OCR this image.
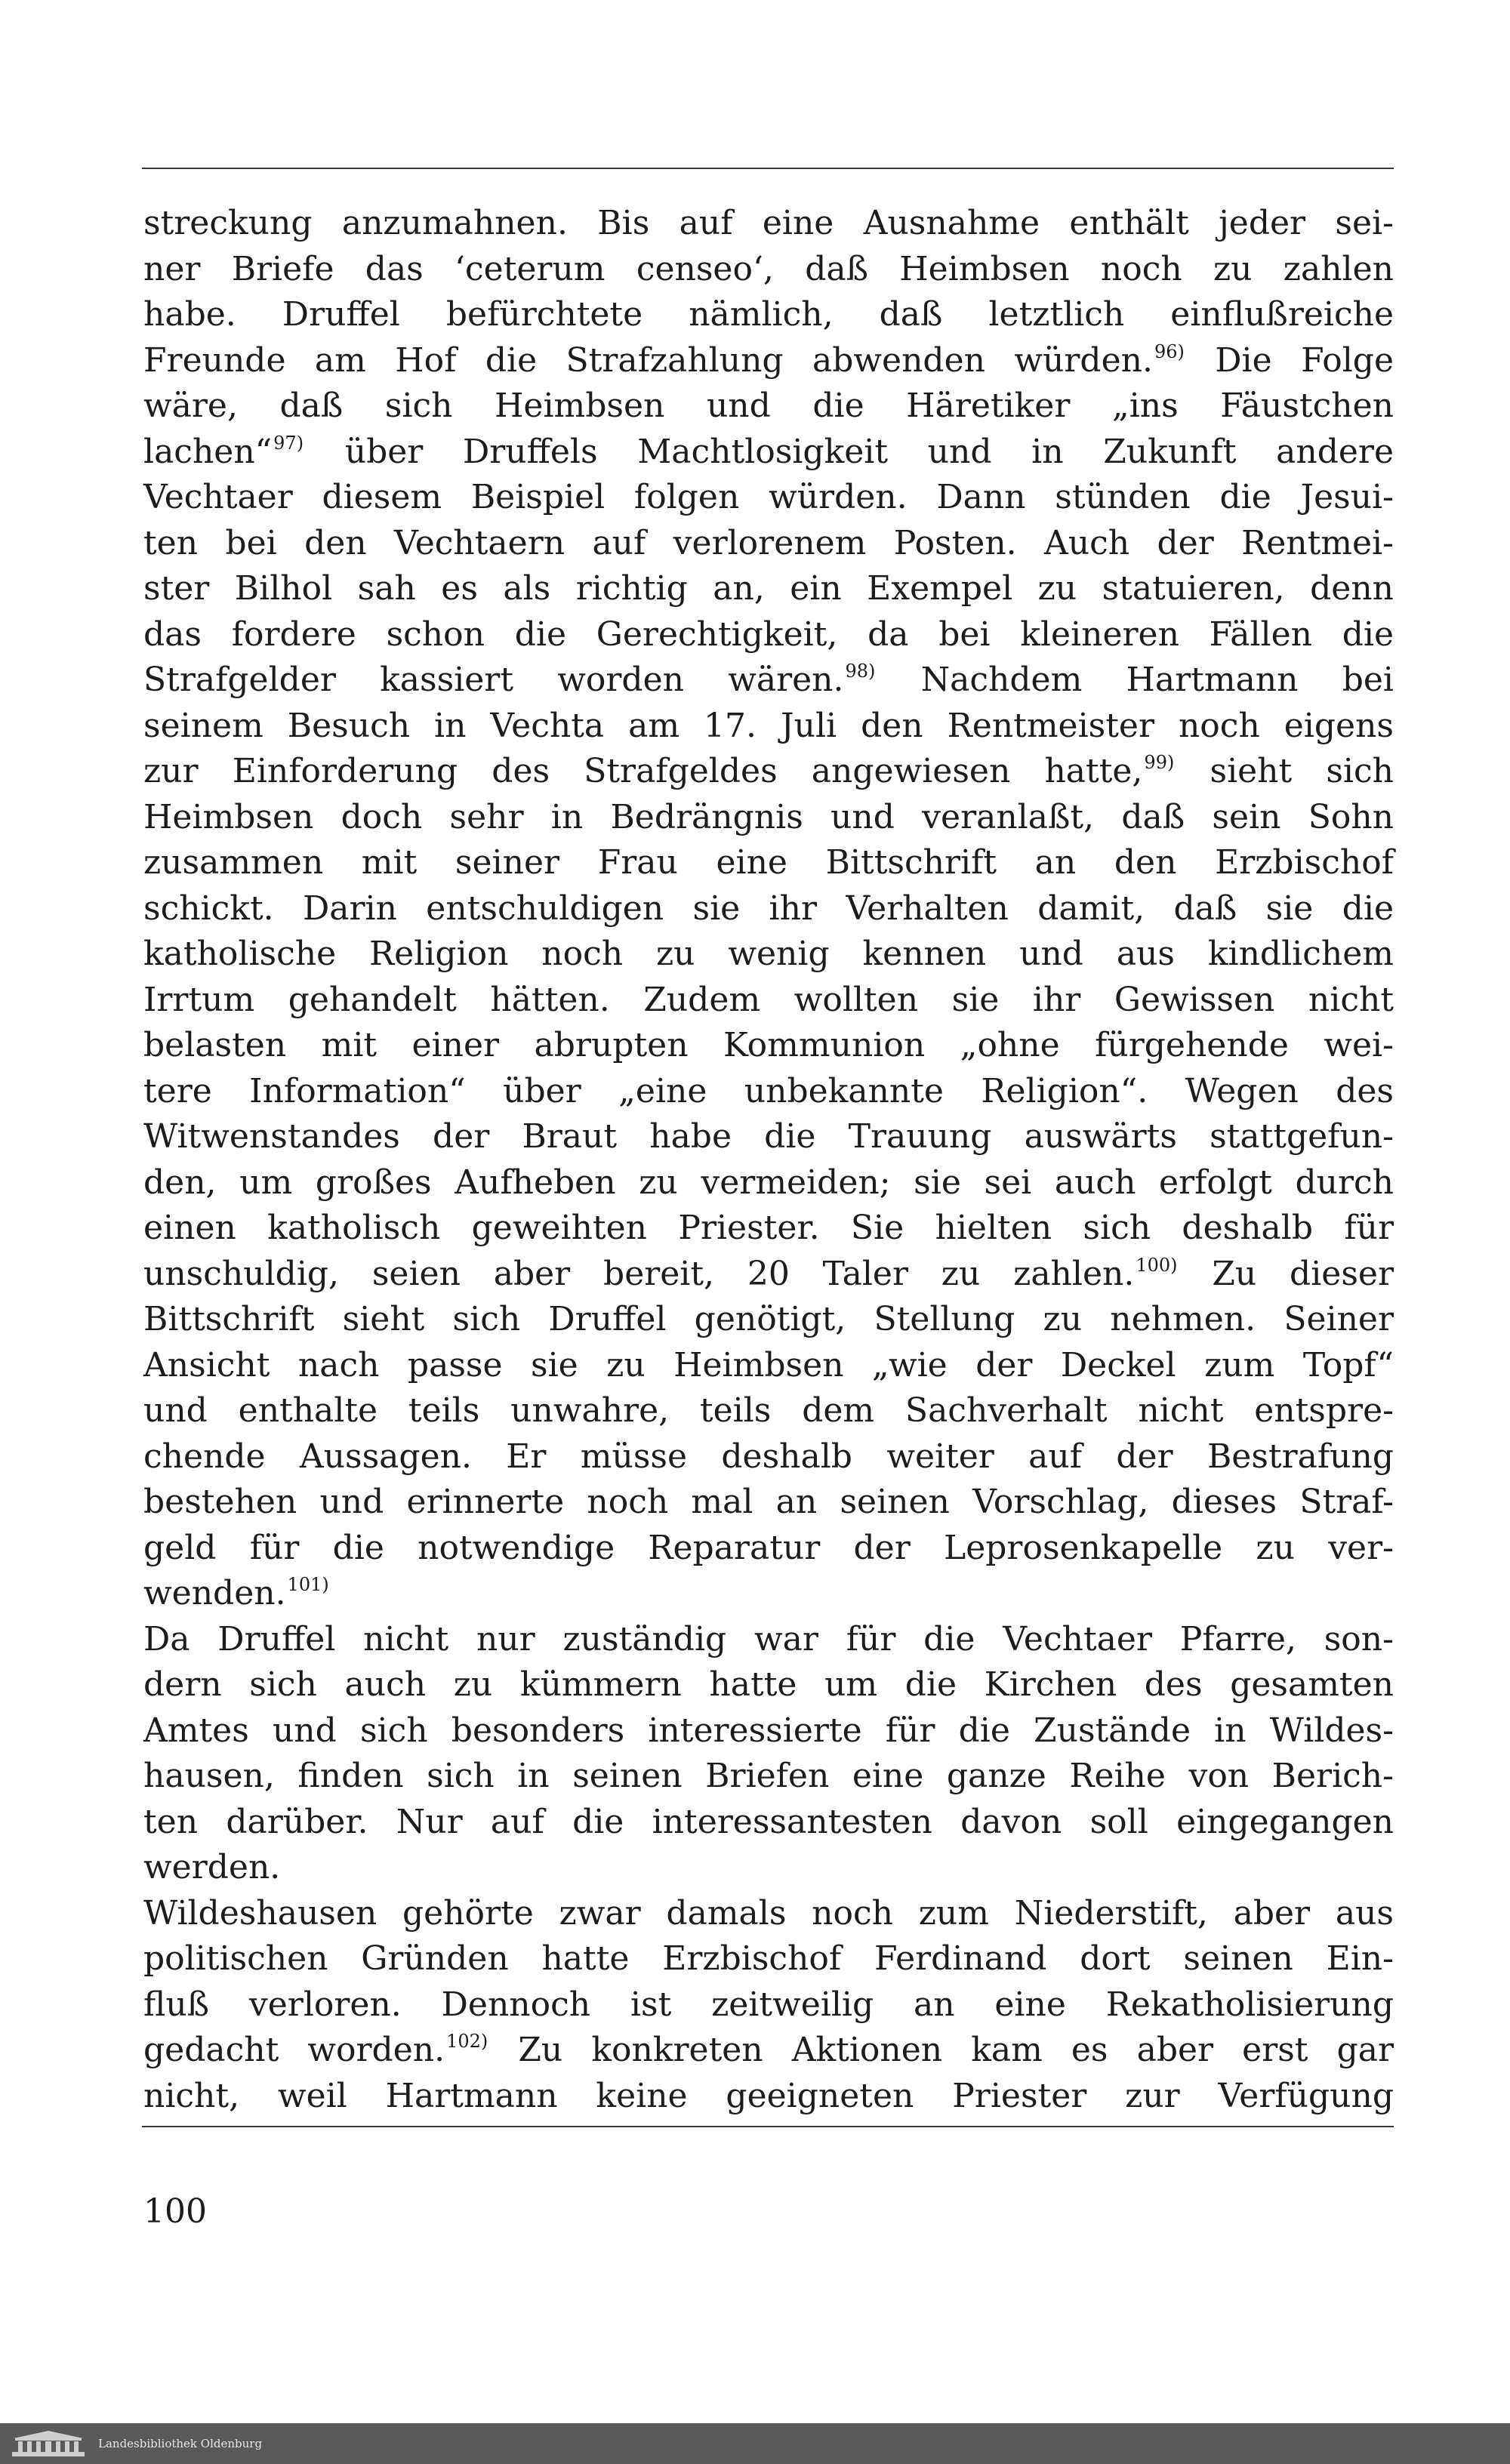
streckung anzumahnen. Bis auf eine Ausnahme enthält jeder sei-
ner Briefe das ‘ceterum censeo‘, daß Heimbsen noch zu zahlen
habe. Druffel befürchtete nämlich, daß letztlich einflußreiche
Freunde am Hof die Strafzahlung abwenden würden.$^{96)}$ Die Folge
wäre, daß sich Heimbsen und die Häretiker „ins Fäustchen
lachen“$^{97)}$ über Druffels Machtlosigkeit und in Zukunft andere
Vechtaer diesem Beispiel folgen würden. Dann stünden die Jesui-
ten bei den Vechtaern auf verlorenem Posten. Auch der Rentmei-
ster Bilhol sah es als richtig an, ein Exempel zu statuieren, denn
das fordere schon die Gerechtigkeit, da bei kleineren Fällen die
Strafgelder kassiert worden wären.$^{98)}$ Nachdem Hartmann bei
seinem Besuch in Vechta am 17. Juli den Rentmeister noch eigens
zur Einforderung des Strafgeldes angewiesen hatte,$^{99)}$ sieht sich
Heimbsen doch sehr in Bedrängnis und veranlaßt, daß sein Sohn
zusammen mit seiner Frau eine Bittschrift an den Erzbischof
schickt. Darin entschuldigen sie ihr Verhalten damit, daß sie die
katholische Religion noch zu wenig kennen und aus kindlichem
Irrtum gehandelt hätten. Zudem wollten sie ihr Gewissen nicht
belasten mit einer abrupten Kommunion „ohne fürgehende wei-
tere Information“ über „eine unbekannte Religion“. Wegen des
Witwenstandes der Braut habe die Trauung auswärts stattgefun-
den, um großes Aufheben zu vermeiden; sie sei auch erfolgt durch
einen katholisch geweihten Priester. Sie hielten sich deshalb für
unschuldig, seien aber bereit, 20 Taler zu zahlen.$^{100)}$ Zu dieser
Bittschrift sieht sich Druffel genötigt, Stellung zu nehmen. Seiner
Ansicht nach passe sie zu Heimbsen „wie der Deckel zum Topf“
und enthalte teils unwahre, teils dem Sachverhalt nicht entspre-
chende Aussagen. Er müsse deshalb weiter auf der Bestrafung
bestehen und erinnerte noch mal an seinen Vorschlag, dieses Straf-
geld für die notwendige Reparatur der Leprosenkapelle zu ver-
wenden.$^{101)}$
Da Druffel nicht nur zuständig war für die Vechtaer Pfarre, son-
dern sich auch zu kümmern hatte um die Kirchen des gesamten
Amtes und sich besonders interessierte für die Zustände in Wildes-
hausen, finden sich in seinen Briefen eine ganze Reihe von Berich-
ten darüber. Nur auf die interessantesten davon soll eingegangen
werden.
Wildeshausen gehörte zwar damals noch zum Niederstift, aber aus
politischen Gründen hatte Erzbischof Ferdinand dort seinen Ein-
fluß verloren. Dennoch ist zeitweilig an eine Rekatholisierung
gedacht worden.$^{102)}$ Zu konkreten Aktionen kam es aber erst gar
nicht, weil Hartmann keine geeigneten Priester zur Verfügung
100
Landesbibliothek Oldenburg
